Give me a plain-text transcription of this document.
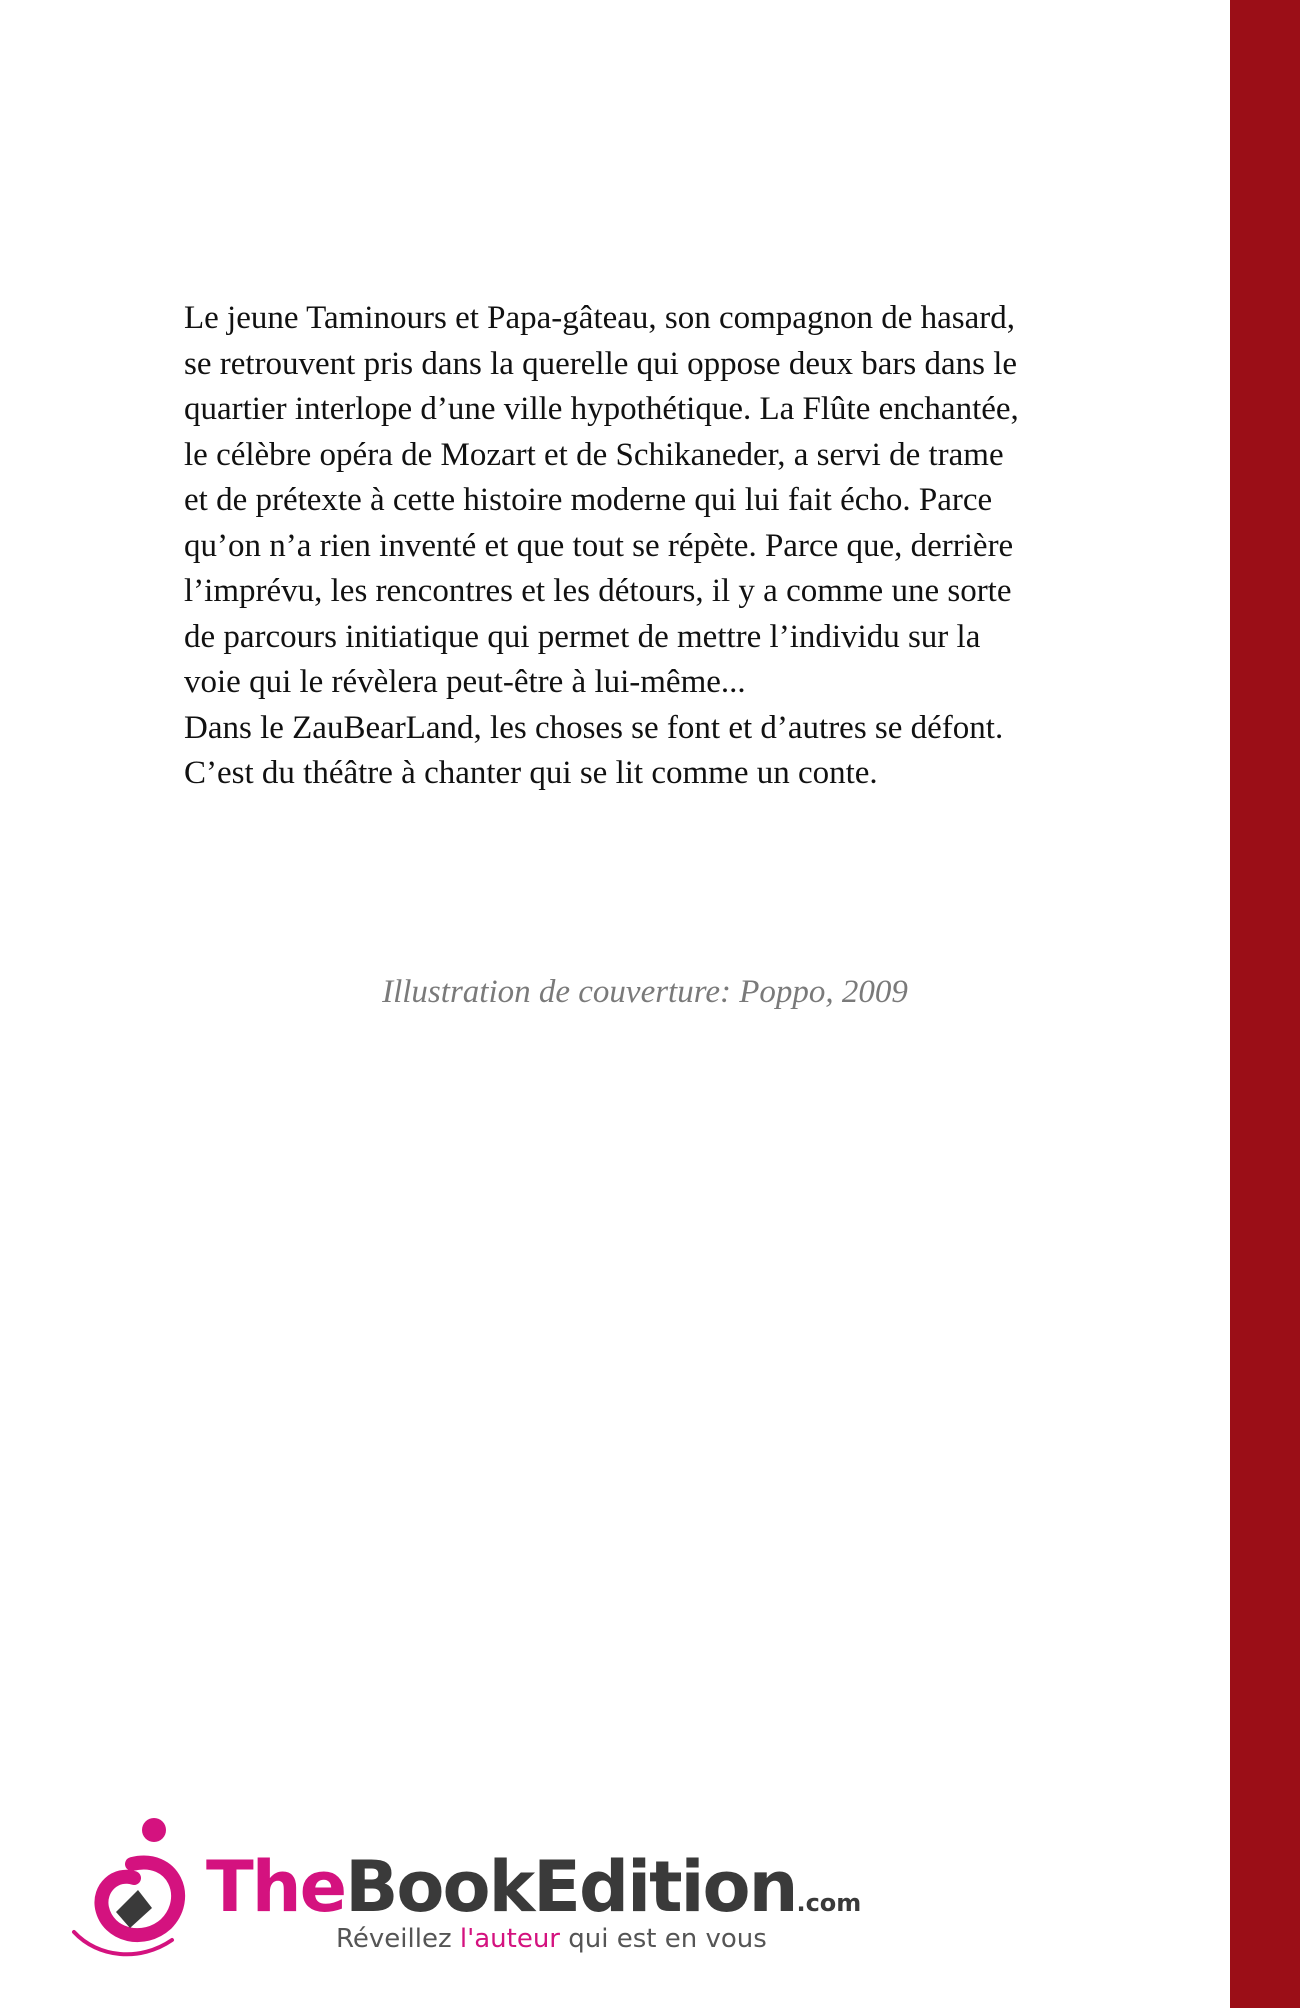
Le jeune Taminours et Papa-gâteau, son compagnon de hasard,

se retrouvent pris dans la querelle qui oppose deux bars dans le

quartier interlope d’une ville hypothétique. La Flûte enchantée,

le célèbre opéra de Mozart et de Schikaneder, a servi de trame

et de prétexte à cette histoire moderne qui lui fait écho. Parce

qu’on n’a rien inventé et que tout se répète. Parce que, derrière

l’imprévu, les rencontres et les détours, il y a comme une sorte

de parcours initiatique qui permet de mettre l’individu sur la

voie qui le révèlera peut-être à lui-même...

Dans le ZauBearLand, les choses se font et d’autres se défont.

C’est du théâtre à chanter qui se lit comme un conte.

Illustration de couverture: Poppo, 2009
TheBookEdition.com
Réveillez l'auteur qui est en vous
